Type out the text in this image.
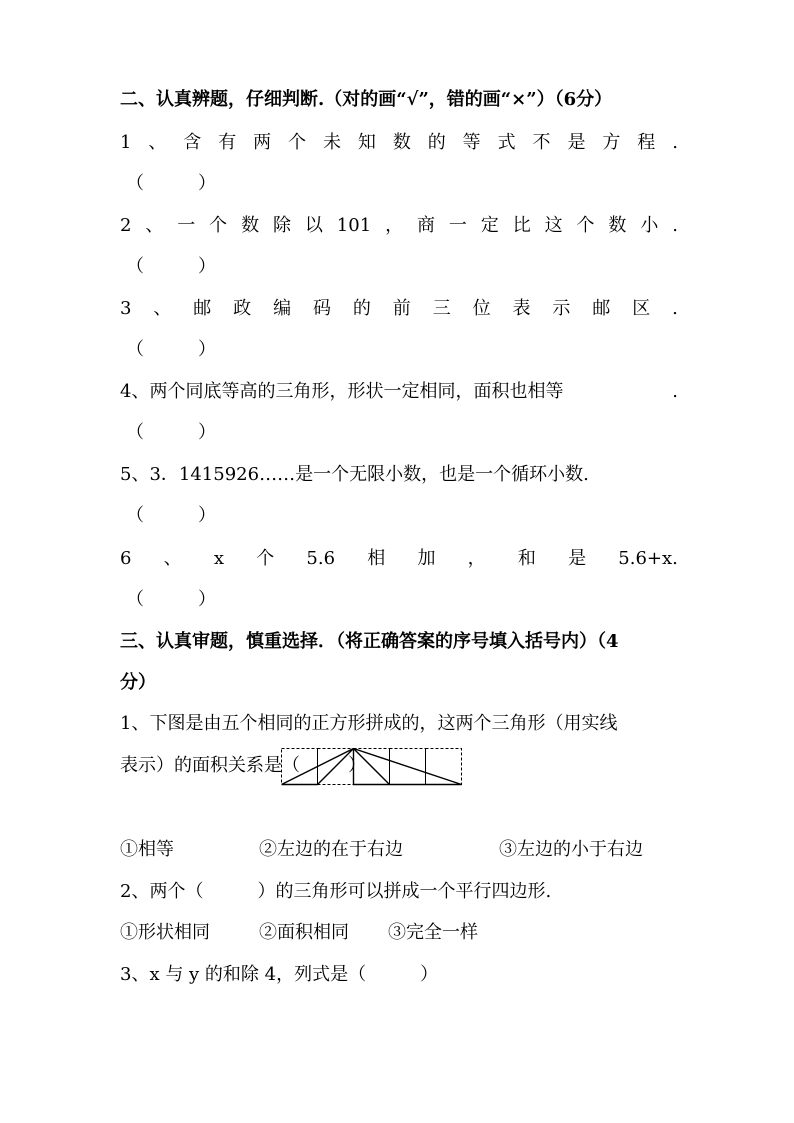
二、认真辨题，仔细判断.（对的画“√”，错的画“×”）（6分）
1 、 含 有 两 个 未 知 数 的 等 式 不 是 方 程 .
（　　　）
2 、 一 个 数 除 以 101 ， 商 一 定 比 这 个 数 小 .
（　　　）
3 、 邮 政 编 码 的 前 三 位 表 示 邮 区 .
（　　　）
4、两个同底等高的三角形，形状一定相同，面积也相等	.
（　　　）
5、3．1415926……是一个无限小数，也是一个循环小数.
（　　　）
6 、 x 个 5.6 相 加 ， 和 是 5.6+x.
（　　　）
三、认真审题，慎重选择．（将正确答案的序号填入括号内）（4
分）
1、下图是由五个相同的正方形拼成的，这两个三角形（用实线
表示）的面积关系是（	）
①相等	②左边的在于右边	③左边的小于右边
2、两个（　　　）的三角形可以拼成一个平行四边形.
①形状相同	②面积相同 ③完全一样
3、x 与 y 的和除 4，列式是（　　　）
